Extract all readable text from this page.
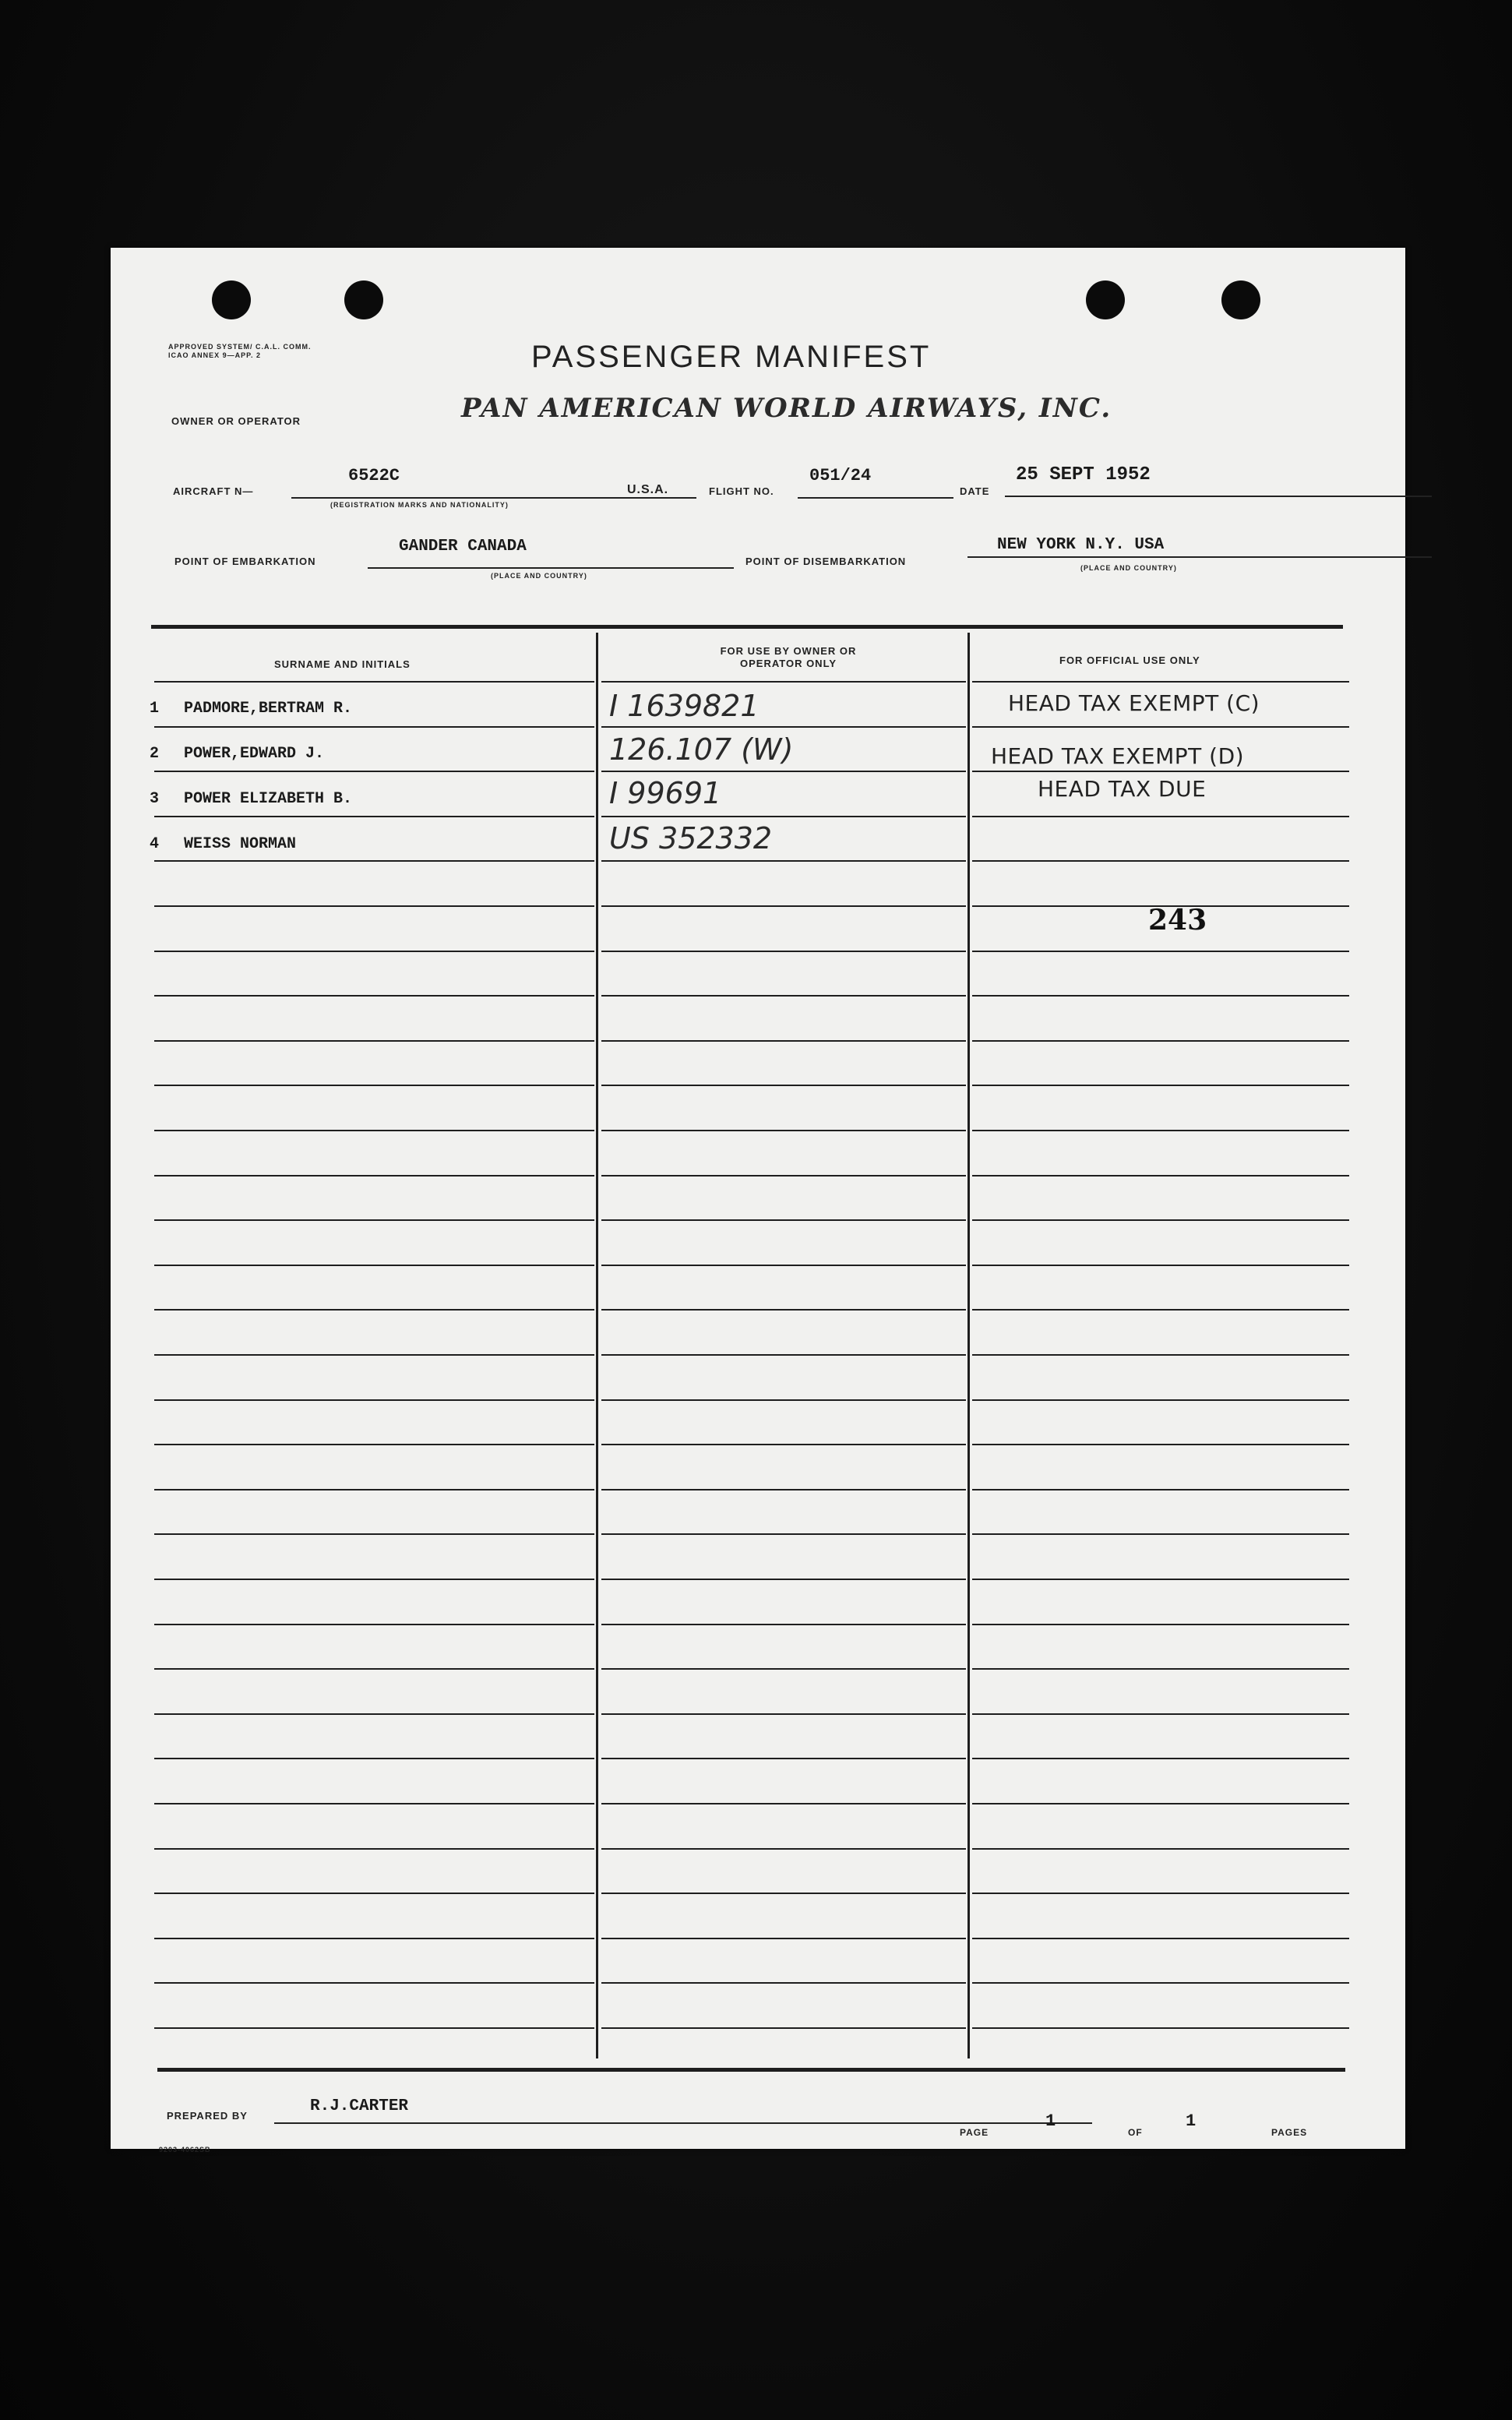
APPROVED SYSTEM/ C.A.L. COMM. ICAO ANNEX 9—APP. 2	PASSENGER MANIFEST
OWNER OR OPERATOR	PAN AMERICAN WORLD AIRWAYS, INC.
AIRCRAFT N—
6522C
(REGISTRATION MARKS AND NATIONALITY)
U.S.A.	FLIGHT NO.
051/24
DATE
25 SEPT 1952
POINT OF EMBARKATION
GANDER CANADA
(PLACE AND COUNTRY)
POINT OF DISEMBARKATION
NEW YORK N.Y. USA
(PLACE AND COUNTRY)
SURNAME AND INITIALS
FOR USE BY OWNER OR OPERATOR ONLY	FOR OFFICIAL USE ONLY
1 PADMORE,BERTRAM R.	I 1639821	HEAD TAX EXEMPT (C)
2 POWER,EDWARD J.	126.107 (W)	HEAD TAX EXEMPT (D)
3 POWER ELIZABETH B.	I 99691	HEAD TAX DUE
4 WEISS NORMAN	US 352332
243
PREPARED BY
R.J.CARTER
PAGE
1
OF
1
PAGES
9203-4062SB
